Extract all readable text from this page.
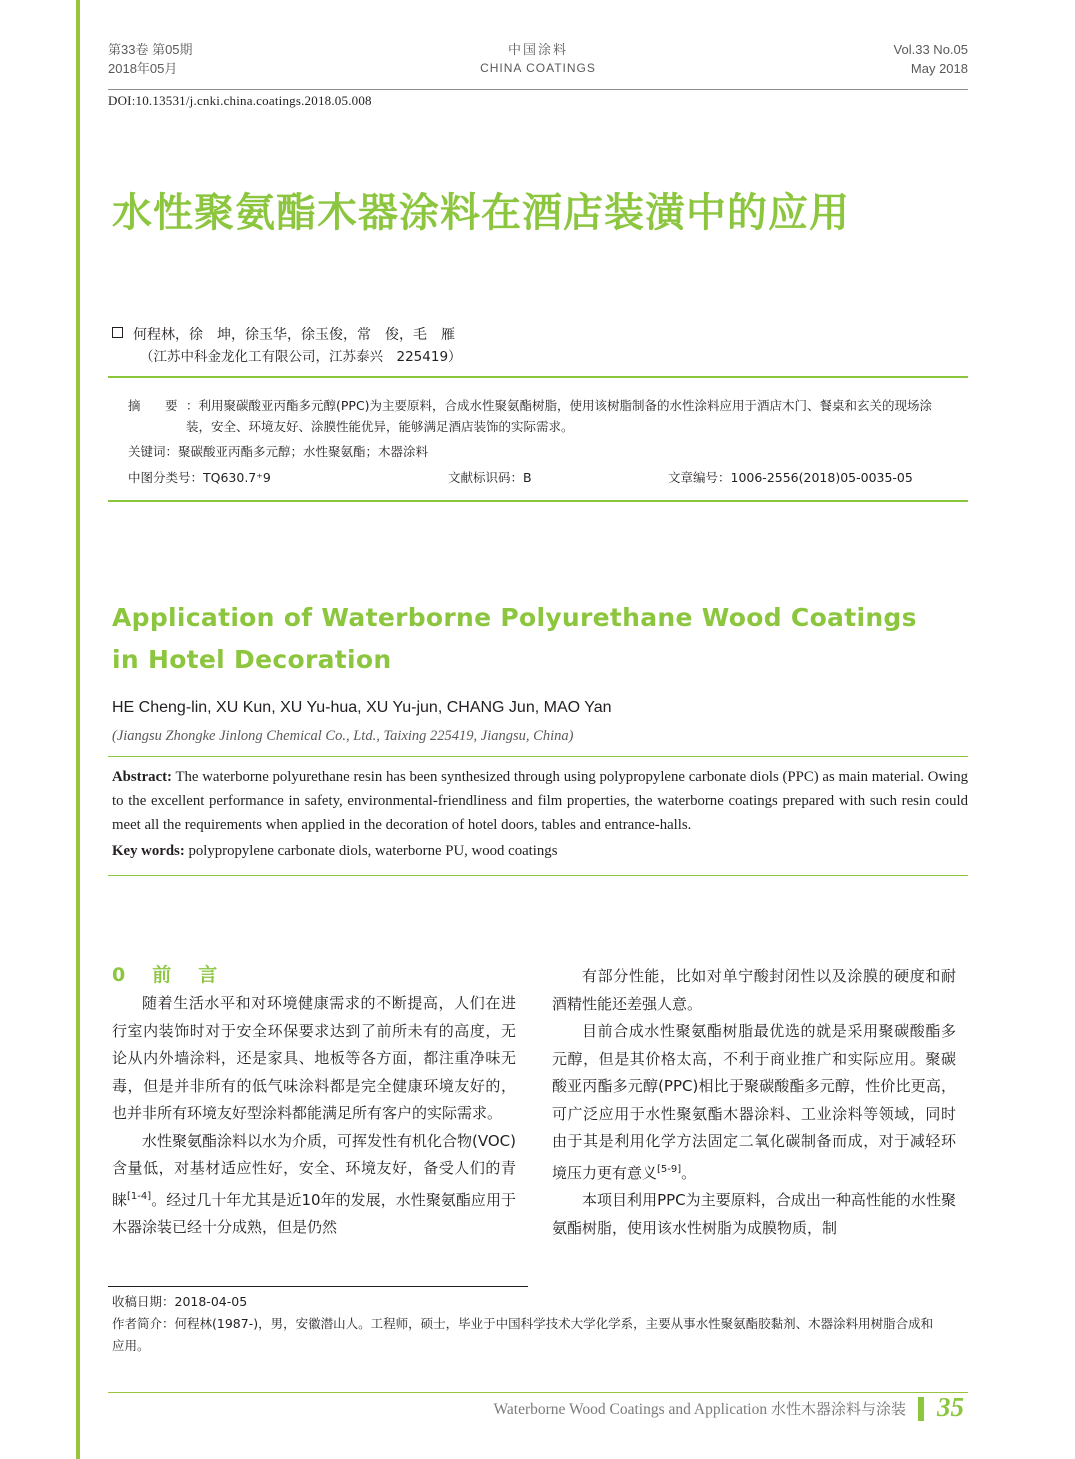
第33卷 第05期
2018年05月
中国涂料
CHINA COATINGS
Vol.33 No.05
May 2018
DOI:10.13531/j.cnki.china.coatings.2018.05.008
水性聚氨酯木器涂料在酒店装潢中的应用
何程林，徐　坤，徐玉华，徐玉俊，常　俊，毛　雁
（江苏中科金龙化工有限公司，江苏泰兴　225419）
摘　要 ：利用聚碳酸亚丙酯多元醇(PPC)为主要原料，合成水性聚氨酯树脂，使用该树脂制备的水性涂料应用于酒店木门、餐桌和玄关的现场涂装，安全、环境友好、涂膜性能优异，能够满足酒店装饰的实际需求。
关键词：聚碳酸亚丙酯多元醇；水性聚氨酯；木器涂料
中图分类号：TQ630.7⁺9	文献标识码：B	文章编号：1006-2556(2018)05-0035-05
Application of Waterborne Polyurethane Wood Coatings in Hotel Decoration
HE Cheng-lin, XU Kun, XU Yu-hua, XU Yu-jun, CHANG Jun, MAO Yan
(Jiangsu Zhongke Jinlong Chemical Co., Ltd., Taixing 225419, Jiangsu, China)
Abstract: The waterborne polyurethane resin has been synthesized through using polypropylene carbonate diols (PPC) as main material. Owing to the excellent performance in safety, environmental-friendliness and film properties, the waterborne coatings prepared with such resin could meet all the requirements when applied in the decoration of hotel doors, tables and entrance-halls.
Key words: polypropylene carbonate diols, waterborne PU, wood coatings
0　前　言

随着生活水平和对环境健康需求的不断提高，人们在进行室内装饰时对于安全环保要求达到了前所未有的高度，无论从内外墙涂料，还是家具、地板等各方面，都注重净味无毒，但是并非所有的低气味涂料都是完全健康环境友好的，也并非所有环境友好型涂料都能满足所有客户的实际需求。

水性聚氨酯涂料以水为介质，可挥发性有机化合物(VOC)含量低，对基材适应性好，安全、环境友好，备受人们的青睐[1-4]。经过几十年尤其是近10年的发展，水性聚氨酯应用于木器涂装已经十分成熟，但是仍然

有部分性能，比如对单宁酸封闭性以及涂膜的硬度和耐酒精性能还差强人意。

目前合成水性聚氨酯树脂最优选的就是采用聚碳酸酯多元醇，但是其价格太高，不利于商业推广和实际应用。聚碳酸亚丙酯多元醇(PPC)相比于聚碳酸酯多元醇，性价比更高，可广泛应用于水性聚氨酯木器涂料、工业涂料等领域，同时由于其是利用化学方法固定二氧化碳制备而成，对于减轻环境压力更有意义[5-9]。

本项目利用PPC为主要原料，合成出一种高性能的水性聚氨酯树脂，使用该水性树脂为成膜物质，制

收稿日期：2018-04-05
作者简介：何程林(1987-)，男，安徽潜山人。工程师，硕士，毕业于中国科学技术大学化学系，主要从事水性聚氨酯胶黏剂、木器涂料用树脂合成和应用。
Waterborne Wood Coatings and Application 水性木器涂料与涂装 35
